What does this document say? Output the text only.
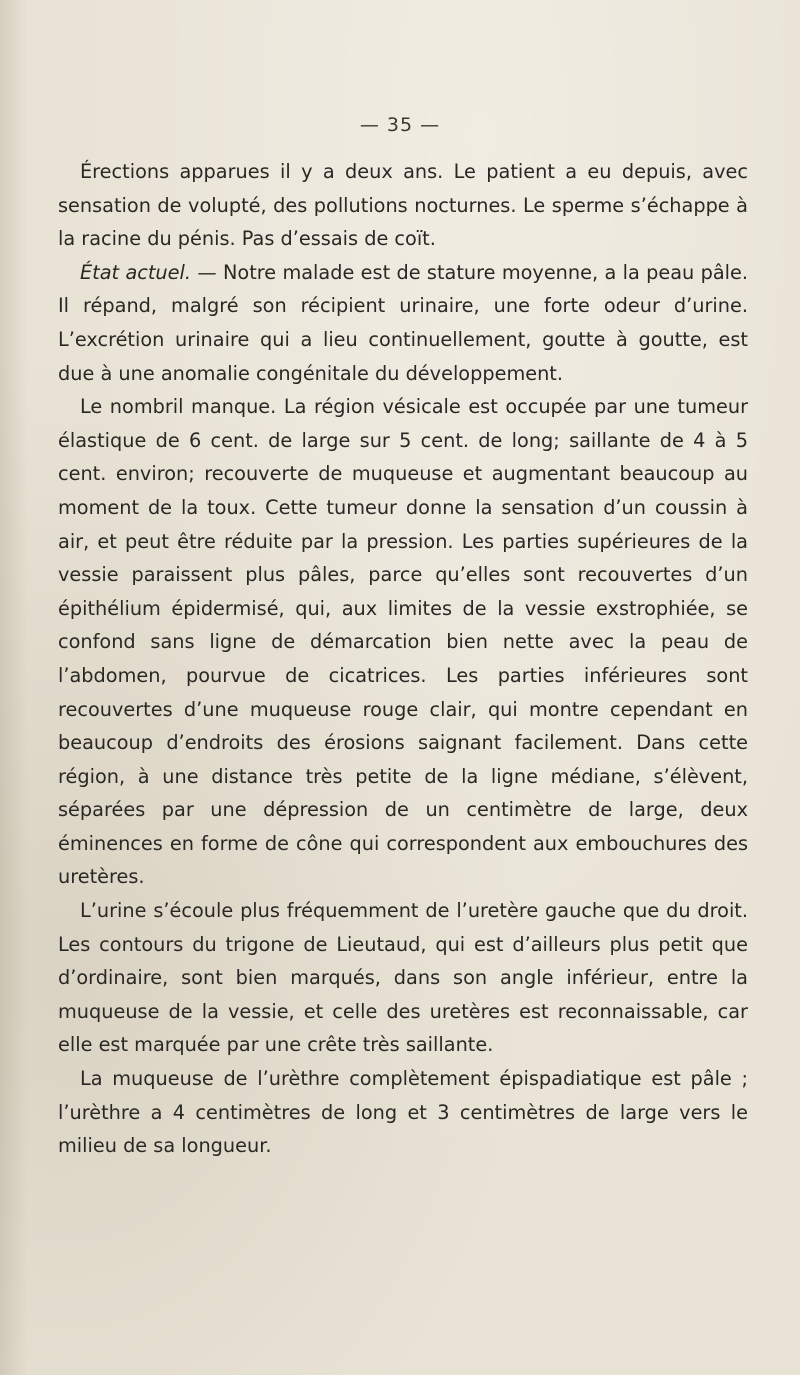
— 35 —

Érections apparues il y a deux ans. Le patient a eu depuis, avec sensation de volupté, des pollutions nocturnes. Le sperme s’échappe à la racine du pénis. Pas d’essais de coït.

État actuel. — Notre malade est de stature moyenne, a la peau pâle. Il répand, malgré son récipient urinaire, une forte odeur d’urine. L’excrétion urinaire qui a lieu continuellement, goutte à goutte, est due à une anomalie congénitale du développement.

Le nombril manque. La région vésicale est occupée par une tumeur élastique de 6 cent. de large sur 5 cent. de long; saillante de 4 à 5 cent. environ; recouverte de muqueuse et augmentant beaucoup au moment de la toux. Cette tumeur donne la sensation d’un coussin à air, et peut être réduite par la pression. Les parties supérieures de la vessie paraissent plus pâles, parce qu’elles sont recouvertes d’un épithélium épidermisé, qui, aux limites de la vessie exstrophiée, se confond sans ligne de démarcation bien nette avec la peau de l’abdomen, pourvue de cicatrices. Les parties inférieures sont recouvertes d’une muqueuse rouge clair, qui montre cependant en beaucoup d’endroits des érosions saignant facilement. Dans cette région, à une distance très petite de la ligne médiane, s’élèvent, séparées par une dépression de un centimètre de large, deux éminences en forme de cône qui correspondent aux embouchures des uretères.

L’urine s’écoule plus fréquemment de l’uretère gauche que du droit. Les contours du trigone de Lieutaud, qui est d’ailleurs plus petit que d’ordinaire, sont bien marqués, dans son angle inférieur, entre la muqueuse de la vessie, et celle des uretères est reconnaissable, car elle est marquée par une crête très saillante.

La muqueuse de l’urèthre complètement épispadiatique est pâle ; l’urèthre a 4 centimètres de long et 3 centimètres de large vers le milieu de sa longueur.
